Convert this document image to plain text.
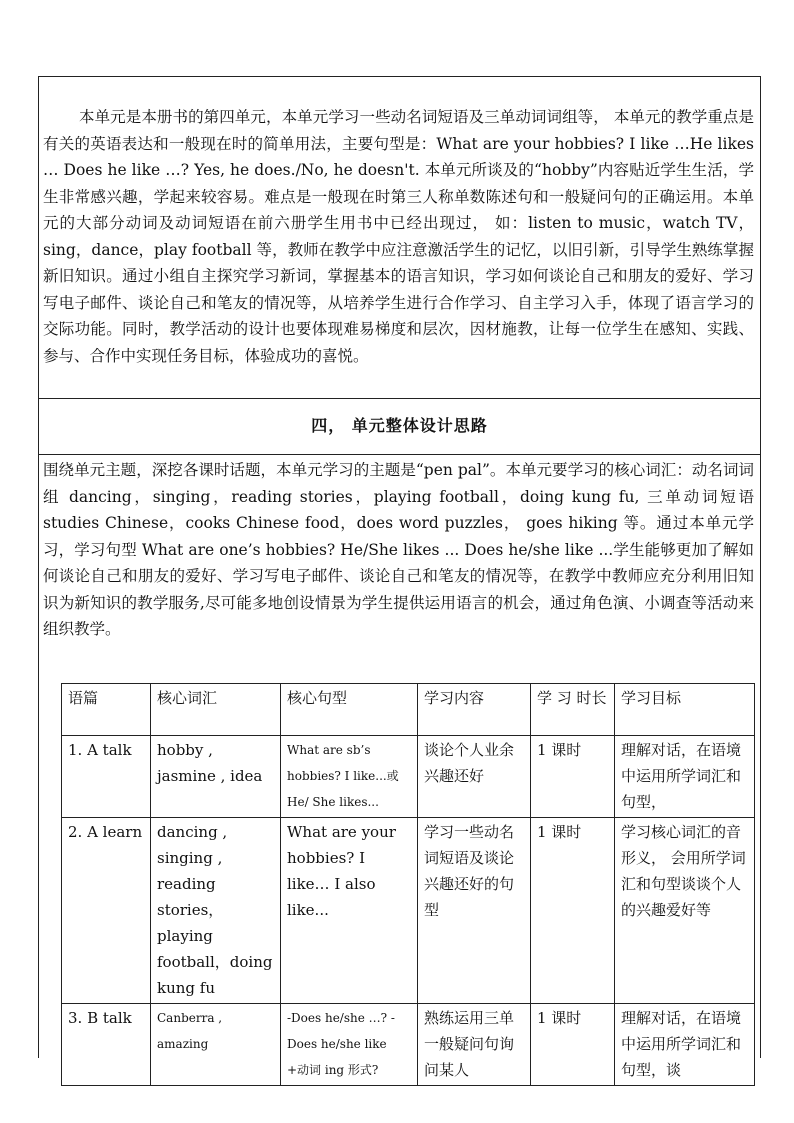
本单元是本册书的第四单元，本单元学习一些动名词短语及三单动词词组等， 本单元的教学重点是有关的英语表达和一般现在时的简单用法，主要句型是：What are your hobbies? I like …He likes … Does he like …? Yes, he does./No, he doesn't. 本单元所谈及的“hobby”内容贴近学生生活，学生非常感兴趣，学起来较容易。难点是一般现在时第三人称单数陈述句和一般疑问句的正确运用。本单元的大部分动词及动词短语在前六册学生用书中已经出现过， 如：listen to music，watch TV，sing，dance，play football 等，教师在教学中应注意激活学生的记忆，以旧引新，引导学生熟练掌握新旧知识。通过小组自主探究学习新词，掌握基本的语言知识，学习如何谈论自己和朋友的爱好、学习写电子邮件、谈论自己和笔友的情况等，从培养学生进行合作学习、自主学习入手，体现了语言学习的交际功能。同时，教学活动的设计也要体现难易梯度和层次，因材施教，让每一位学生在感知、实践、参与、合作中实现任务目标，体验成功的喜悦。

四， 单元整体设计思路

围绕单元主题，深挖各课时话题，本单元学习的主题是“pen pal”。本单元要学习的核心词汇：动名词词组 dancing，singing，reading stories，playing football，doing kung fu, 三单动词短语 studies Chinese，cooks Chinese food，does word puzzles， goes hiking 等。通过本单元学习，学习句型 What are one’s hobbies? He/She likes ... Does he/she like ...学生能够更加了解如何谈论自己和朋友的爱好、学习写电子邮件、谈论自己和笔友的情况等，在教学中教师应充分利用旧知识为新知识的教学服务,尽可能多地创设情景为学生提供运用语言的机会，通过角色演、小调查等活动来组织教学。

语篇	核心词汇	核心句型	学习内容	学 习 时长	学习目标
1. A talk	hobby , jasmine , idea	What are sb’s hobbies? I like...或 He/ She likes...	谈论个人业余兴趣还好	1 课时	理解对话，在语境中运用所学词汇和句型，
2. A learn	dancing , singing , reading stories，playing football，doing kung fu	What are your hobbies? I like… I also like...	学习一些动名词短语及谈论兴趣还好的句型	1 课时	学习核心词汇的音形义， 会用所学词汇和句型谈谈个人的兴趣爱好等
3. B talk	Canberra , amazing	-Does he/she …? -Does he/she like +动词 ing 形式?	熟练运用三单一般疑问句询问某人	1 课时	理解对话，在语境中运用所学词汇和句型，谈
